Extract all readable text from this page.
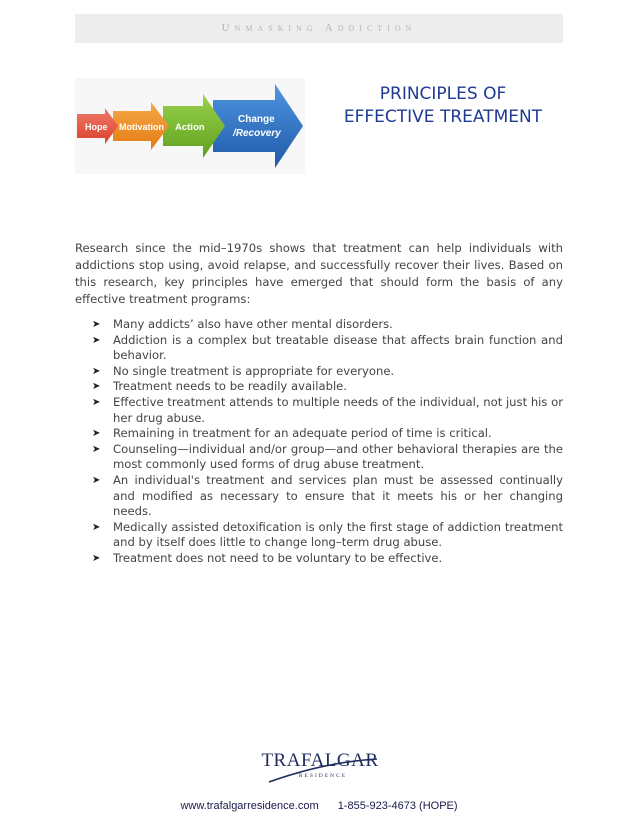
Unmasking Addiction
Hope Motivation Action
Change
/Recovery
PRINCIPLES OF
EFFECTIVE TREATMENT

Research since the mid–1970s shows that treatment can help individuals with addictions stop using, avoid relapse, and successfully recover their lives. Based on this research, key principles have emerged that should form the basis of any effective treatment programs:

➤ Many addicts’ also have other mental disorders.
➤ Addiction is a complex but treatable disease that affects brain function and behavior.
➤ No single treatment is appropriate for everyone.
➤ Treatment needs to be readily available.
➤ Effective treatment attends to multiple needs of the individual, not just his or her drug abuse.
➤ Remaining in treatment for an adequate period of time is critical.
➤ Counseling—individual and/or group—and other behavioral therapies are the most commonly used forms of drug abuse treatment.
➤ An individual's treatment and services plan must be assessed continually and modified as necessary to ensure that it meets his or her changing needs.
➤ Medically assisted detoxification is only the first stage of addiction treatment and by itself does little to change long–term drug abuse.
➤ Treatment does not need to be voluntary to be effective.
TRAFALGAR
RESIDENCE
www.trafalgarresidence.com 1-855-923-4673 (HOPE)
